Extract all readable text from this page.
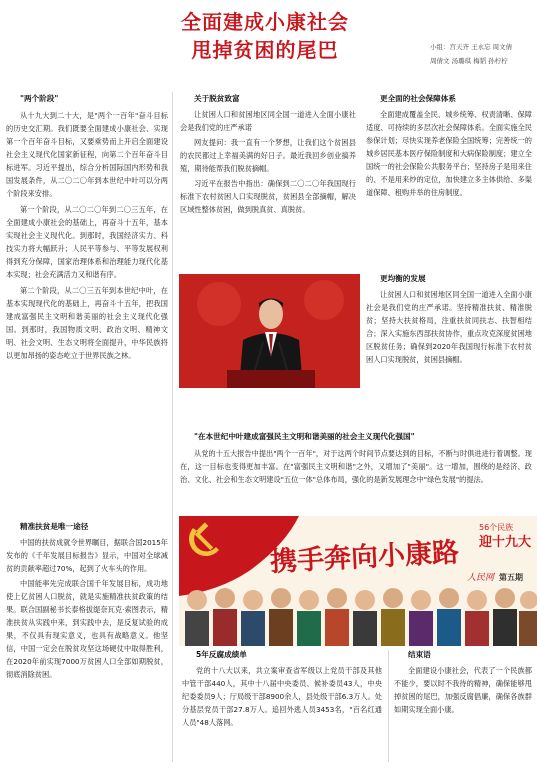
全面建成小康社会
甩掉贫困的尾巴	小组：宫天齐 王永忘 周文倩

周倩文 汤璐琪 梅韬 孙柠柠

"两个阶段"

从十九大到二十大，是"两个一百年"奋斗目标的历史交汇期。我们既要全面建成小康社会、实现第一个百年奋斗目标，又要乘势而上开启全面建设社会主义现代化国家新征程，向第二个百年奋斗目标进军。习近平提出，综合分析国际国内形势和我国发展条件，从二〇二〇年到本世纪中叶可以分两个阶段来安排。

第一个阶段，从二〇二〇年到二〇三五年，在全面建成小康社会的基础上，再奋斗十五年，基本实现社会主义现代化。到那时，我国经济实力、科技实力将大幅跃升；人民平等参与、平等发展权利得到充分保障，国家治理体系和治理能力现代化基本实现；社会充满活力又和谐有序。

第二个阶段，从二〇三五年到本世纪中叶，在基本实现现代化的基础上，再奋斗十五年，把我国建成富强民主文明和谐美丽的社会主义现代化强国。到那时，我国物质文明、政治文明、精神文明、社会文明、生态文明将全面提升，中华民族将以更加昂扬的姿态屹立于世界民族之林。

精准扶贫是唯一途径

中国的扶贫成就令世界瞩目，据联合国2015年发布的《千年发展目标报告》显示，中国对全球减贫的贡献率超过70%，起到了火车头的作用。

中国能率先完成联合国千年发展目标，成功地使上亿贫困人口脱贫，就是实施精准扶贫政策的结果。联合国副秘书长泰格拔缇奈瓦克·索图表示，精准扶贫从实践中来，到实践中去，是反复试验的成果，不仅具有现实意义，也具有战略意义。他坚信，中国一定会在脱贫攻坚这场硬仗中取得胜利，在2020年前实现7000万贫困人口全部如期脱贫，彻底消除贫困。

关于脱贫致富

让贫困人口和贫困地区同全国一道进入全面小康社会是我们党的庄严承诺

网友提问：我一直有一个梦想，让我们这个贫困县的农民都过上幸福美满的好日子。最近我回乡创业搞养殖，期待能帮我们脱贫摘帽。

习近平在报告中指出：确保到二〇二〇年我国现行标准下农村贫困人口实现脱贫，贫困县全部摘帽，解决区域性整体贫困，做到脱真贫、真脱贫。

更全面的社会保障体系

全面建成覆盖全民、城乡统筹、权责清晰、保障适度、可持续的多层次社会保障体系。全面实施全民参保计划；尽快实现养老保险全国统筹；完善统一的城乡居民基本医疗保险制度和大病保险制度；建立全国统一的社会保险公共服务平台；坚持房子是用来住的、不是用来炒的定位，加快建立多主体供给、多渠道保障、租购并举的住房制度。

更均衡的发展

让贫困人口和贫困地区同全国一道进入全面小康社会是我们党的庄严承诺。坚持精准扶贫、精准脱贫；坚持大扶贫格局，注重扶贫同扶志、扶智相结合；深入实施东西部扶贫协作，重点攻克深度贫困地区脱贫任务；确保到2020年我国现行标准下农村贫困人口实现脱贫，贫困县摘帽。

"在本世纪中叶建成富强民主文明和谐美丽的社会主义现代化强国"

从党的十五大报告中提出"两个一百年"，对于这两个时间节点要达到的目标，不断与时俱进进行着调整。现在，这一目标也变得更加丰富。在"富强民主文明和谐"之外，又增加了"美丽"。这一增加，围绕的是经济、政治、文化、社会和生态文明建设"五位一体"总体布局，强化的是新发展理念中"绿色发展"的提法。

携手奔向小康路
56个民族
迎十九大
人民网 第五期

5年反腐成绩单

党的十八大以来，共立案审查省军级以上党员干部及其他中管干部440人，其中十八届中央委员、候补委员43人，中央纪委委员9人；厅局级干部8900余人，县处级干部6.3万人。处分基层党员干部27.8万人。追回外逃人员3453名，"百名红通人员"48人落网。

结束语

全面建设小康社会，代表了一个民族都不能少，要以时不我待的精神，确保能够甩掉贫困的尾巴，加强反腐倡廉，确保各族群如期实现全面小康。
